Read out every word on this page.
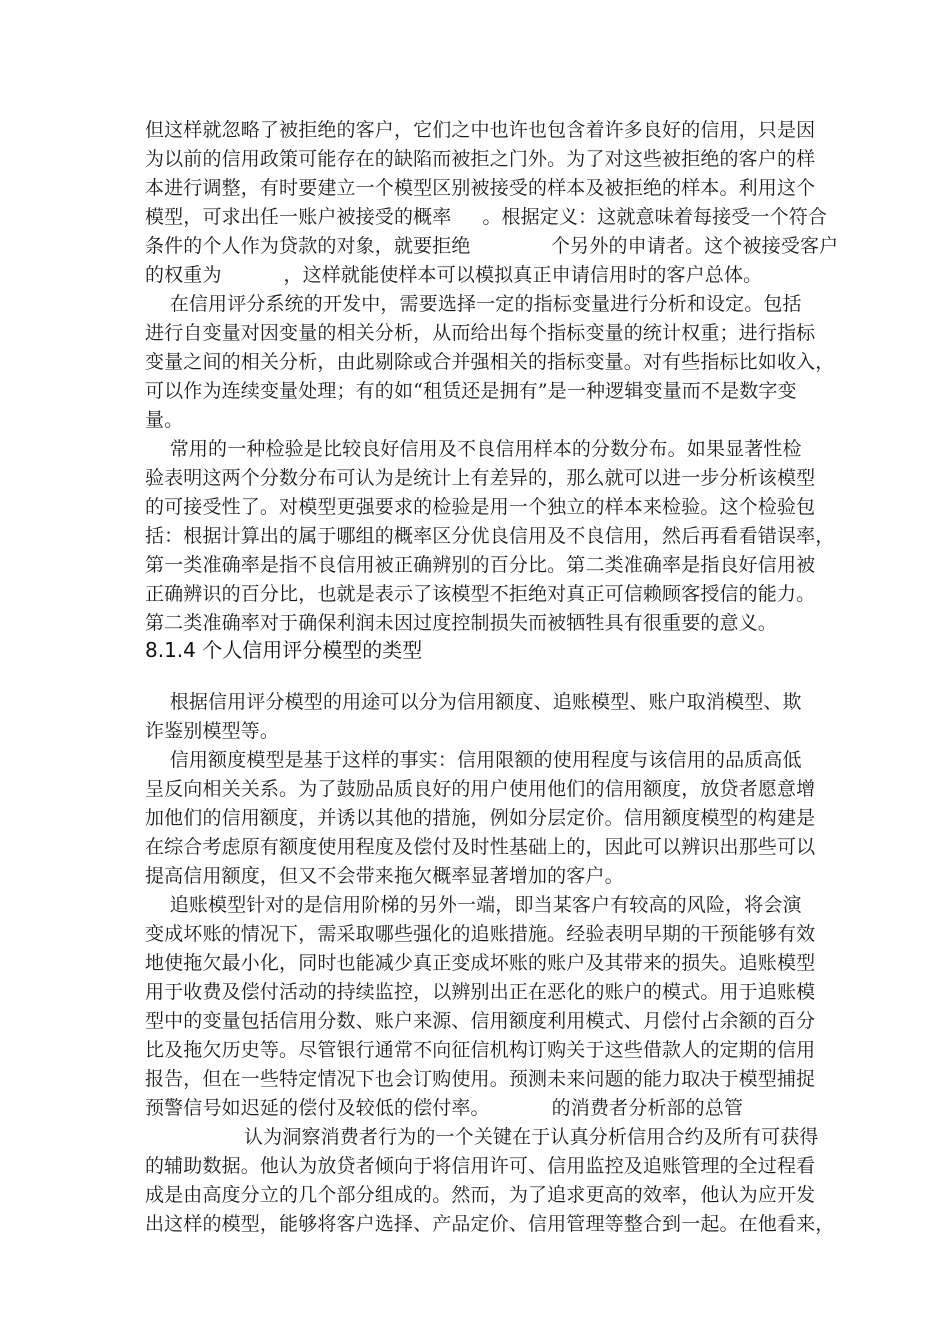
但这样就忽略了被拒绝的客户，它们之中也许也包含着许多良好的信用，只是因
为以前的信用政策可能存在的缺陷而被拒之门外。为了对这些被拒绝的客户的样
本进行调整，有时要建立一个模型区别被接受的样本及被拒绝的样本。利用这个
模型，可求出任一账户被接受的概率     。根据定义：这就意味着每接受一个符合
条件的个人作为贷款的对象，就要拒绝             个另外的申请者。这个被接受客户
的权重为          ，这样就能使样本可以模拟真正申请信用时的客户总体。
在信用评分系统的开发中，需要选择一定的指标变量进行分析和设定。包括
进行自变量对因变量的相关分析，从而给出每个指标变量的统计权重；进行指标
变量之间的相关分析，由此剔除或合并强相关的指标变量。对有些指标比如收入，
可以作为连续变量处理；有的如“租赁还是拥有”是一种逻辑变量而不是数字变
量。
常用的一种检验是比较良好信用及不良信用样本的分数分布。如果显著性检
验表明这两个分数分布可认为是统计上有差异的，那么就可以进一步分析该模型
的可接受性了。对模型更强要求的检验是用一个独立的样本来检验。这个检验包
括：根据计算出的属于哪组的概率区分优良信用及不良信用，然后再看看错误率，
第一类准确率是指不良信用被正确辨别的百分比。第二类准确率是指良好信用被
正确辨识的百分比，也就是表示了该模型不拒绝对真正可信赖顾客授信的能力。
第二类准确率对于确保利润未因过度控制损失而被牺牲具有很重要的意义。
8.1.4 个人信用评分模型的类型
根据信用评分模型的用途可以分为信用额度、追账模型、账户取消模型、欺
诈鉴别模型等。
信用额度模型是基于这样的事实：信用限额的使用程度与该信用的品质高低
呈反向相关关系。为了鼓励品质良好的用户使用他们的信用额度，放贷者愿意增
加他们的信用额度，并诱以其他的措施，例如分层定价。信用额度模型的构建是
在综合考虑原有额度使用程度及偿付及时性基础上的，因此可以辨识出那些可以
提高信用额度，但又不会带来拖欠概率显著增加的客户。
追账模型针对的是信用阶梯的另外一端，即当某客户有较高的风险，将会演
变成坏账的情况下，需采取哪些强化的追账措施。经验表明早期的干预能够有效
地使拖欠最小化，同时也能减少真正变成坏账的账户及其带来的损失。追账模型
用于收费及偿付活动的持续监控，以辨别出正在恶化的账户的模式。用于追账模
型中的变量包括信用分数、账户来源、信用额度利用模式、月偿付占余额的百分
比及拖欠历史等。尽管银行通常不向征信机构订购关于这些借款人的定期的信用
报告，但在一些特定情况下也会订购使用。预测未来问题的能力取决于模型捕捉
预警信号如迟延的偿付及较低的偿付率。          的消费者分析部的总管
认为洞察消费者行为的一个关键在于认真分析信用合约及所有可获得
的辅助数据。他认为放贷者倾向于将信用许可、信用监控及追账管理的全过程看
成是由高度分立的几个部分组成的。然而，为了追求更高的效率，他认为应开发
出这样的模型，能够将客户选择、产品定价、信用管理等整合到一起。在他看来，
